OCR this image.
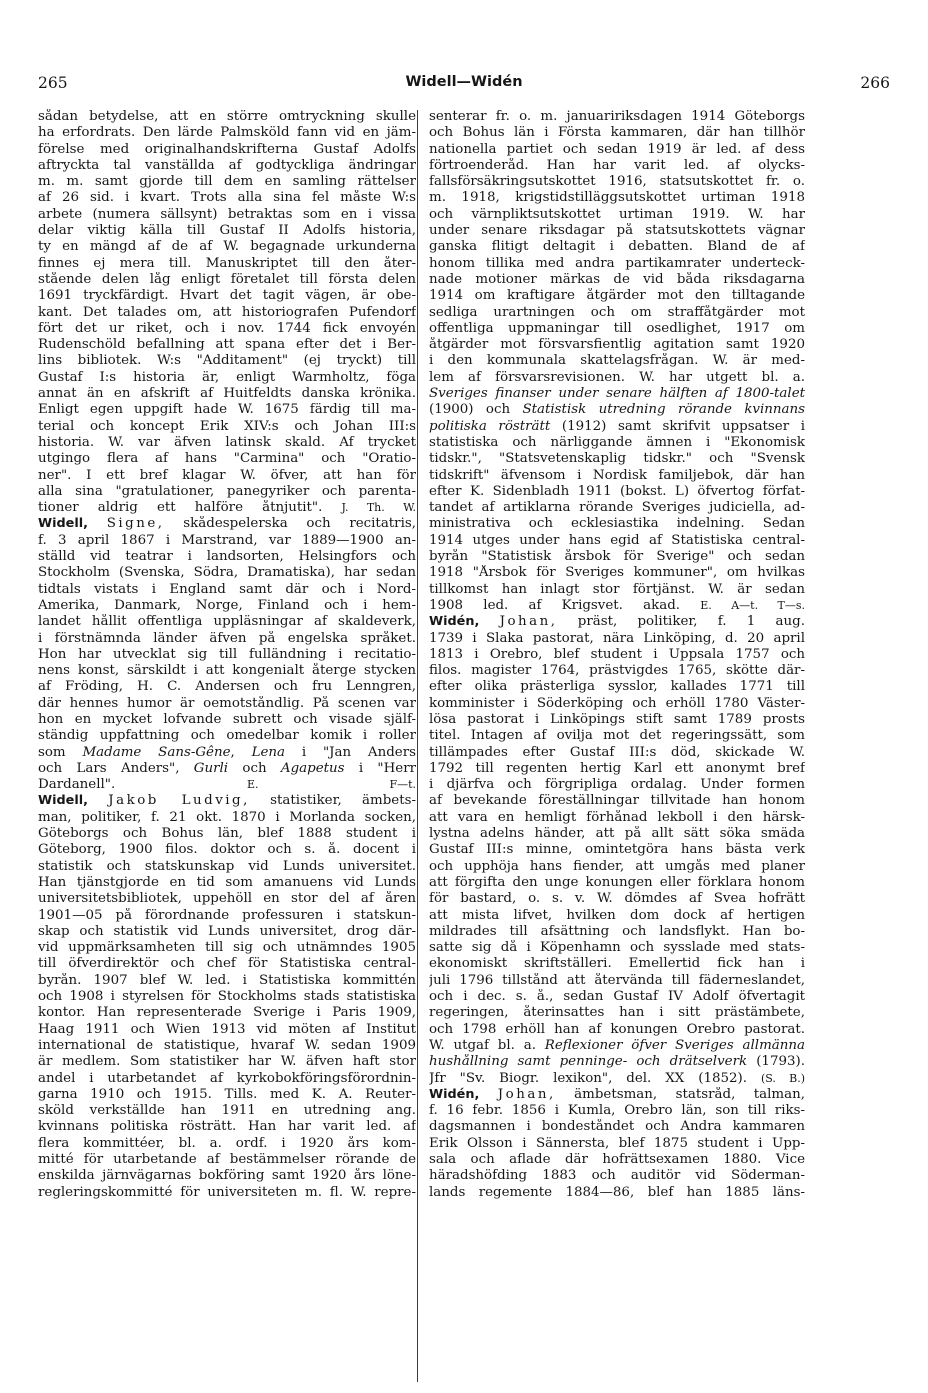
265	Widell—Widén	266
sådan betydelse, att en större omtryckning skulle
ha erfordrats. Den lärde Palmsköld fann vid en jäm-
förelse med originalhandskrifterna Gustaf Adolfs
aftryckta tal vanställda af godtyckliga ändringar
m. m. samt gjorde till dem en samling rättelser
af 26 sid. i kvart. Trots alla sina fel måste W:s
arbete (numera sällsynt) betraktas som en i vissa
delar viktig källa till Gustaf II Adolfs historia,
ty en mängd af de af W. begagnade urkunderna
finnes ej mera till. Manuskriptet till den åter-
stående delen låg enligt företalet till första delen
1691 tryckfärdigt. Hvart det tagit vägen, är obe-
kant. Det talades om, att historiografen Pufendorf
fört det ur riket, och i nov. 1744 fick envoyén
Rudenschöld befallning att spana efter det i Ber-
lins bibliotek. W:s "Additament" (ej tryckt) till
Gustaf I:s historia är, enligt Warmholtz, föga
annat än en afskrift af Huitfeldts danska krönika.
Enligt egen uppgift hade W. 1675 färdig till ma-
terial och koncept Erik XIV:s och Johan III:s
historia. W. var äfven latinsk skald. Af trycket
utgingo flera af hans "Carmina" och "Oratio-
ner". I ett bref klagar W. öfver, att han för
alla sina "gratulationer, panegyriker och parenta-
tioner aldrig ett halföre åtnjutit". J. Th. W.
Widell, Signe, skådespelerska och recitatris,
f. 3 april 1867 i Marstrand, var 1889—1900 an-
ställd vid teatrar i landsorten, Helsingfors och
Stockholm (Svenska, Södra, Dramatiska), har sedan
tidtals vistats i England samt där och i Nord-
Amerika, Danmark, Norge, Finland och i hem-
landet hållit offentliga uppläsningar af skaldeverk,
i förstnämnda länder äfven på engelska språket.
Hon har utvecklat sig till fulländning i recitatio-
nens konst, särskildt i att kongenialt återge stycken
af Fröding, H. C. Andersen och fru Lenngren,
där hennes humor är oemotståndlig. På scenen var
hon en mycket lofvande subrett och visade själf-
ständig uppfattning och omedelbar komik i roller
som Madame Sans-Gêne, Lena i "Jan Anders
och Lars Anders", Gurli och Agapetus i "Herr
Dardanell".	E. F—t.
Widell, Jakob Ludvig, statistiker, ämbets-
man, politiker, f. 21 okt. 1870 i Morlanda socken,
Göteborgs och Bohus län, blef 1888 student i
Göteborg, 1900 filos. doktor och s. å. docent i
statistik och statskunskap vid Lunds universitet.
Han tjänstgjorde en tid som amanuens vid Lunds
universitetsbibliotek, uppehöll en stor del af åren
1901—05 på förordnande professuren i statskun-
skap och statistik vid Lunds universitet, drog där-
vid uppmärksamheten till sig och utnämndes 1905
till öfverdirektör och chef för Statistiska central-
byrån. 1907 blef W. led. i Statistiska kommittén
och 1908 i styrelsen för Stockholms stads statistiska
kontor. Han representerade Sverige i Paris 1909,
Haag 1911 och Wien 1913 vid möten af Institut
international de statistique, hvaraf W. sedan 1909
är medlem. Som statistiker har W. äfven haft stor
andel i utarbetandet af kyrkobokföringsförordnin-
garna 1910 och 1915. Tills. med K. A. Reuter-
sköld verkställde han 1911 en utredning ang.
kvinnans politiska rösträtt. Han har varit led. af
flera kommittéer, bl. a. ordf. i 1920 års kom-
mitté för utarbetande af bestämmelser rörande de
enskilda järnvägarnas bokföring samt 1920 års löne-
regleringskommitté för universiteten m. fl. W. repre-
senterar fr. o. m. januaririksdagen 1914 Göteborgs
och Bohus län i Första kammaren, där han tillhör
nationella partiet och sedan 1919 är led. af dess
förtroenderåd. Han har varit led. af olycks-
fallsförsäkringsutskottet 1916, statsutskottet fr. o.
m. 1918, krigstidstilläggsutskottet urtiman 1918
och värnpliktsutskottet urtiman 1919. W. har
under senare riksdagar på statsutskottets vägnar
ganska flitigt deltagit i debatten. Bland de af
honom tillika med andra partikamrater underteck-
nade motioner märkas de vid båda riksdagarna
1914 om kraftigare åtgärder mot den tilltagande
sedliga urartningen och om straffåtgärder mot
offentliga uppmaningar till osedlighet, 1917 om
åtgärder mot försvarsfientlig agitation samt 1920
i den kommunala skattelagsfrågan. W. är med-
lem af försvarsrevisionen. W. har utgett bl. a.
Sveriges finanser under senare hälften af 1800-talet
(1900) och Statistisk utredning rörande kvinnans
politiska rösträtt (1912) samt skrifvit uppsatser i
statistiska och närliggande ämnen i "Ekonomisk
tidskr.", "Statsvetenskaplig tidskr." och "Svensk
tidskrift" äfvensom i Nordisk familjebok, där han
efter K. Sidenbladh 1911 (bokst. L) öfvertog förfat-
tandet af artiklarna rörande Sveriges judiciella, ad-
ministrativa och ecklesiastika indelning. Sedan
1914 utges under hans egid af Statistiska central-
byrån "Statistisk årsbok för Sverige" och sedan
1918 "Årsbok för Sveriges kommuner", om hvilkas
tillkomst han inlagt stor förtjänst. W. är sedan
1908 led. af Krigsvet. akad. E. A—t. T—s.
Widén, Johan, präst, politiker, f. 1 aug.
1739 i Slaka pastorat, nära Linköping, d. 20 april
1813 i Örebro, blef student i Uppsala 1757 och
filos. magister 1764, prästvigdes 1765, skötte där-
efter olika prästerliga sysslor, kallades 1771 till
komminister i Söderköping och erhöll 1780 Väster-
lösa pastorat i Linköpings stift samt 1789 prosts
titel. Intagen af ovilja mot det regeringssätt, som
tillämpades efter Gustaf III:s död, skickade W.
1792 till regenten hertig Karl ett anonymt bref
i djärfva och förgripliga ordalag. Under formen
af bevekande föreställningar tillvitade han honom
att vara en hemligt förhånad lekboll i den härsk-
lystna adelns händer, att på allt sätt söka smäda
Gustaf III:s minne, omintetgöra hans bästa verk
och upphöja hans fiender, att umgås med planer
att förgifta den unge konungen eller förklara honom
för bastard, o. s. v. W. dömdes af Svea hofrätt
att mista lifvet, hvilken dom dock af hertigen
mildrades till afsättning och landsflykt. Han bo-
satte sig då i Köpenhamn och sysslade med stats-
ekonomiskt skriftställeri. Emellertid fick han i
juli 1796 tillstånd att återvända till fäderneslandet,
och i dec. s. å., sedan Gustaf IV Adolf öfvertagit
regeringen, återinsattes han i sitt prästämbete,
och 1798 erhöll han af konungen Örebro pastorat.
W. utgaf bl. a. Reflexioner öfver Sveriges allmänna
hushållning samt penninge- och drätselverk (1793).
Jfr "Sv. Biogr. lexikon", del. XX (1852). (S. B.)
Widén, Johan, ämbetsman, statsråd, talman,
f. 16 febr. 1856 i Kumla, Örebro län, son till riks-
dagsmannen i bondeståndet och Andra kammaren
Erik Olsson i Sännersta, blef 1875 student i Upp-
sala och aflade där hofrättsexamen 1880. Vice
häradshöfding 1883 och auditör vid Söderman-
lands regemente 1884—86, blef han 1885 läns-
